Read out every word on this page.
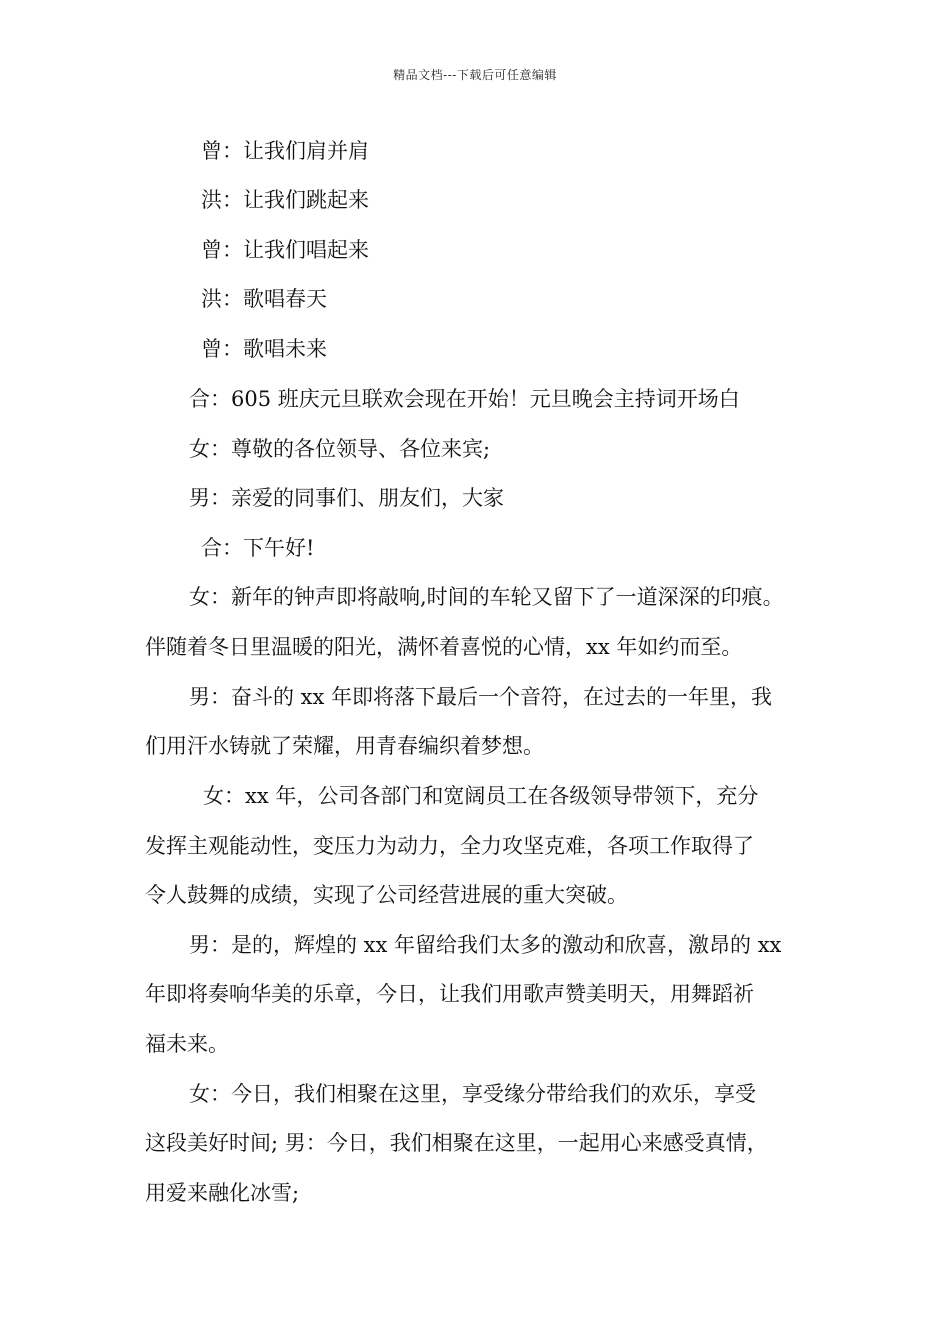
精品文档---下载后可任意编辑
曾：让我们肩并肩
洪：让我们跳起来
曾：让我们唱起来
洪：歌唱春天
曾：歌唱未来
合：605 班庆元旦联欢会现在开始！元旦晚会主持词开场白
女：尊敬的各位领导、各位来宾;
男：亲爱的同事们、朋友们，大家
合：下午好!
女：新年的钟声即将敲响,时间的车轮又留下了一道深深的印痕。
伴随着冬日里温暖的阳光，满怀着喜悦的心情，xx 年如约而至。
男：奋斗的 xx 年即将落下最后一个音符，在过去的一年里，我
们用汗水铸就了荣耀，用青春编织着梦想。
女：xx 年，公司各部门和宽阔员工在各级领导带领下，充分
发挥主观能动性，变压力为动力，全力攻坚克难，各项工作取得了
令人鼓舞的成绩，实现了公司经营进展的重大突破。
男：是的，辉煌的 xx 年留给我们太多的激动和欣喜，激昂的 xx
年即将奏响华美的乐章，今日，让我们用歌声赞美明天，用舞蹈祈
福未来。
女：今日，我们相聚在这里，享受缘分带给我们的欢乐，享受
这段美好时间; 男：今日，我们相聚在这里，一起用心来感受真情，
用爱来融化冰雪;
